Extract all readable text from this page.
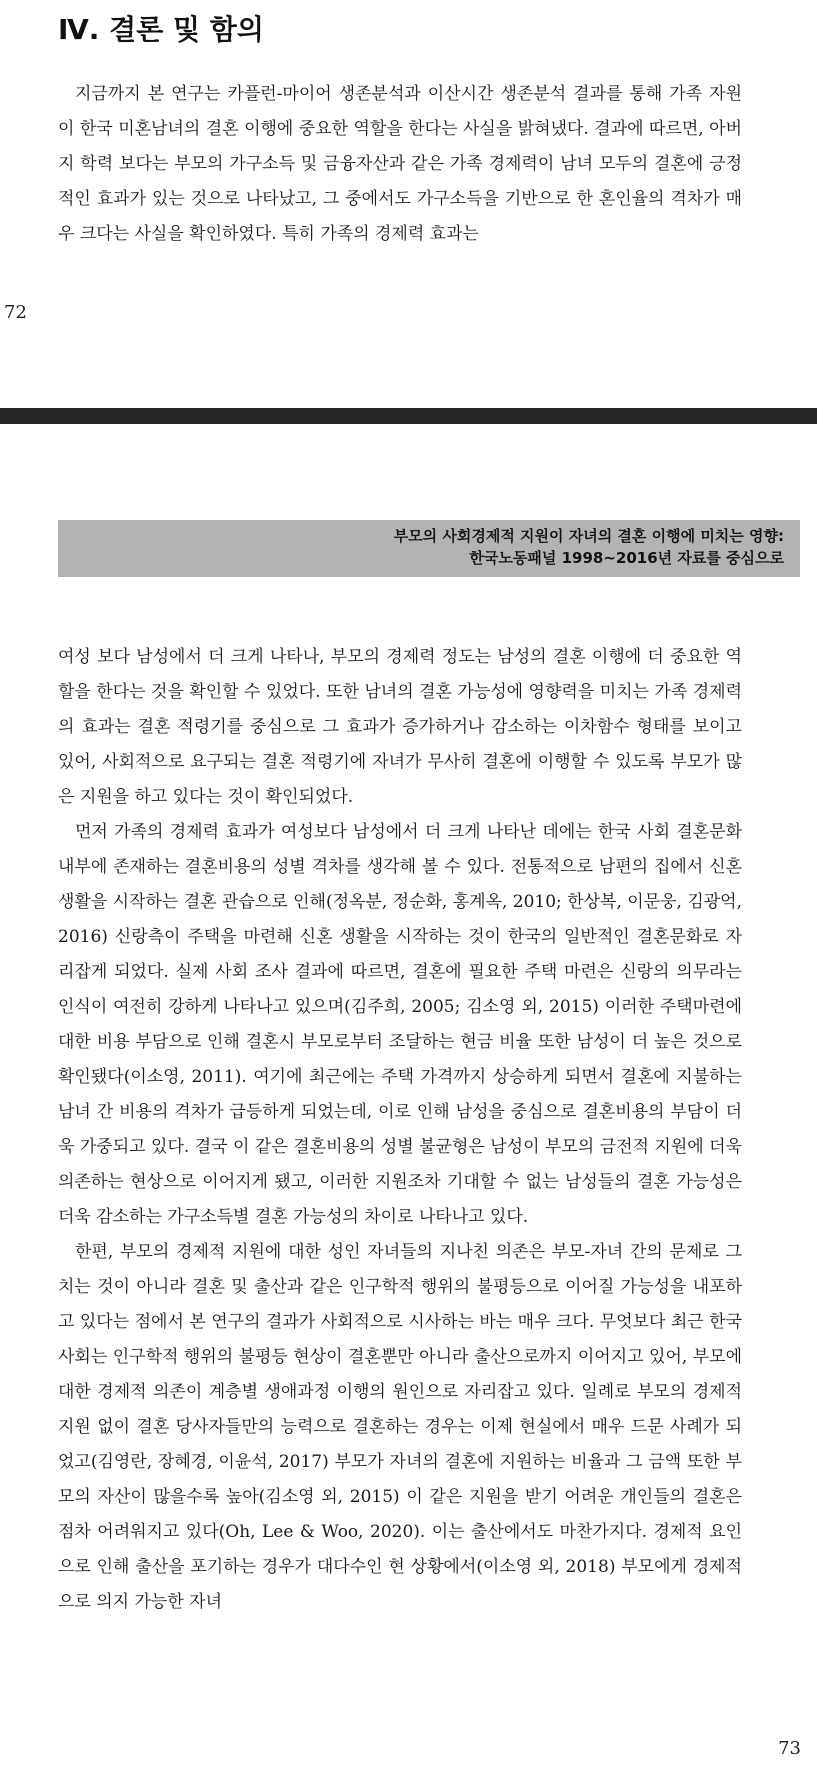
Ⅳ. 결론 및 함의

지금까지 본 연구는 카플런-마이어 생존분석과 이산시간 생존분석 결과를 통해 가족 자원이 한국 미혼남녀의 결혼 이행에 중요한 역할을 한다는 사실을 밝혀냈다. 결과에 따르면, 아버지 학력 보다는 부모의 가구소득 및 금융자산과 같은 가족 경제력이 남녀 모두의 결혼에 긍정적인 효과가 있는 것으로 나타났고, 그 중에서도 가구소득을 기반으로 한 혼인율의 격차가 매우 크다는 사실을 확인하였다. 특히 가족의 경제력 효과는

72
부모의 사회경제적 지원이 자녀의 결혼 이행에 미치는 영향:
한국노동패널 1998~2016년 자료를 중심으로

여성 보다 남성에서 더 크게 나타나, 부모의 경제력 정도는 남성의 결혼 이행에 더 중요한 역할을 한다는 것을 확인할 수 있었다. 또한 남녀의 결혼 가능성에 영향력을 미치는 가족 경제력의 효과는 결혼 적령기를 중심으로 그 효과가 증가하거나 감소하는 이차함수 형태를 보이고 있어, 사회적으로 요구되는 결혼 적령기에 자녀가 무사히 결혼에 이행할 수 있도록 부모가 많은 지원을 하고 있다는 것이 확인되었다.

먼저 가족의 경제력 효과가 여성보다 남성에서 더 크게 나타난 데에는 한국 사회 결혼문화 내부에 존재하는 결혼비용의 성별 격차를 생각해 볼 수 있다. 전통적으로 남편의 집에서 신혼 생활을 시작하는 결혼 관습으로 인해(정옥분, 정순화, 홍계옥, 2010; 한상복, 이문웅, 김광억, 2016) 신랑측이 주택을 마련해 신혼 생활을 시작하는 것이 한국의 일반적인 결혼문화로 자리잡게 되었다. 실제 사회 조사 결과에 따르면, 결혼에 필요한 주택 마련은 신랑의 의무라는 인식이 여전히 강하게 나타나고 있으며(김주희, 2005; 김소영 외, 2015) 이러한 주택마련에 대한 비용 부담으로 인해 결혼시 부모로부터 조달하는 현금 비율 또한 남성이 더 높은 것으로 확인됐다(이소영, 2011). 여기에 최근에는 주택 가격까지 상승하게 되면서 결혼에 지불하는 남녀 간 비용의 격차가 급등하게 되었는데, 이로 인해 남성을 중심으로 결혼비용의 부담이 더욱 가중되고 있다. 결국 이 같은 결혼비용의 성별 불균형은 남성이 부모의 금전적 지원에 더욱 의존하는 현상으로 이어지게 됐고, 이러한 지원조차 기대할 수 없는 남성들의 결혼 가능성은 더욱 감소하는 가구소득별 결혼 가능성의 차이로 나타나고 있다.

한편, 부모의 경제적 지원에 대한 성인 자녀들의 지나친 의존은 부모-자녀 간의 문제로 그치는 것이 아니라 결혼 및 출산과 같은 인구학적 행위의 불평등으로 이어질 가능성을 내포하고 있다는 점에서 본 연구의 결과가 사회적으로 시사하는 바는 매우 크다. 무엇보다 최근 한국 사회는 인구학적 행위의 불평등 현상이 결혼뿐만 아니라 출산으로까지 이어지고 있어, 부모에 대한 경제적 의존이 계층별 생애과정 이행의 원인으로 자리잡고 있다. 일례로 부모의 경제적 지원 없이 결혼 당사자들만의 능력으로 결혼하는 경우는 이제 현실에서 매우 드문 사례가 되었고(김영란, 장혜경, 이윤석, 2017) 부모가 자녀의 결혼에 지원하는 비율과 그 금액 또한 부모의 자산이 많을수록 높아(김소영 외, 2015) 이 같은 지원을 받기 어려운 개인들의 결혼은 점차 어려워지고 있다(Oh, Lee & Woo, 2020). 이는 출산에서도 마찬가지다. 경제적 요인으로 인해 출산을 포기하는 경우가 대다수인 현 상황에서(이소영 외, 2018) 부모에게 경제적으로 의지 가능한 자녀

73
